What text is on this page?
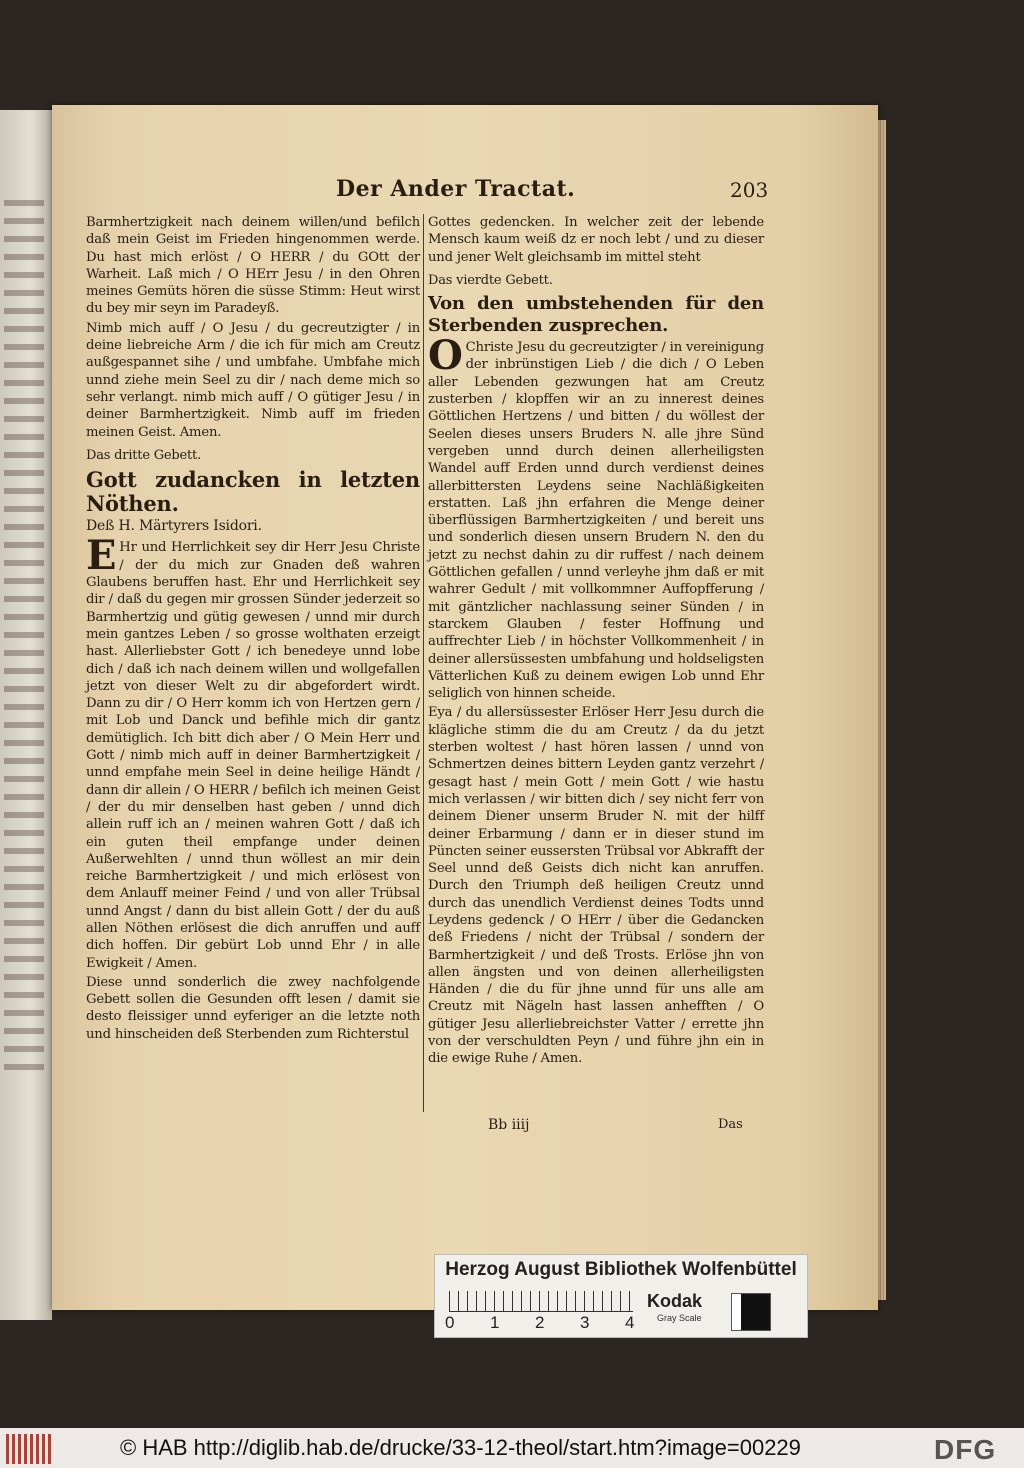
Der Ander Tractat.	203

Barmhertzigkeit nach deinem willen/und befilch daß mein Geist im Frieden hingenommen werde. Du hast mich erlöst / O HERR / du GOtt der Warheit. Laß mich / O HErr Jesu / in den Ohren meines Gemüts hören die süsse Stimm: Heut wirst du bey mir seyn im Paradeyß.

Nimb mich auff / O Jesu / du gecreutzigter / in deine liebreiche Arm / die ich für mich am Creutz außgespannet sihe / und umbfahe. Umbfahe mich unnd ziehe mein Seel zu dir / nach deme mich so sehr verlangt. nimb mich auff / O gütiger Jesu / in deiner Barmhertzigkeit. Nimb auff im frieden meinen Geist. Amen.

Das dritte Gebett.

Gott zudancken in letzten Nöthen.

Deß H. Märtyrers Isidori.

E Hr und Herrlichkeit sey dir Herr Jesu Christe / der du mich zur Gnaden deß wahren Glaubens beruffen hast. Ehr und Herrlichkeit sey dir / daß du gegen mir grossen Sünder jederzeit so Barmhertzig und gütig gewesen / unnd mir durch mein gantzes Leben / so grosse wolthaten erzeigt hast. Allerliebster Gott / ich benedeye unnd lobe dich / daß ich nach deinem willen und wollgefallen jetzt von dieser Welt zu dir abgefordert wirdt. Dann zu dir / O Herr komm ich von Hertzen gern / mit Lob und Danck und befihle mich dir gantz demütiglich. Ich bitt dich aber / O Mein Herr und Gott / nimb mich auff in deiner Barmhertzigkeit / unnd empfahe mein Seel in deine heilige Händt / dann dir allein / O HERR / befilch ich meinen Geist / der du mir denselben hast geben / unnd dich allein ruff ich an / meinen wahren Gott / daß ich ein guten theil empfange under deinen Außerwehlten / unnd thun wöllest an mir dein reiche Barmhertzigkeit / und mich erlösest von dem Anlauff meiner Feind / und von aller Trübsal unnd Angst / dann du bist allein Gott / der du auß allen Nöthen erlösest die dich anruffen und auff dich hoffen. Dir gebürt Lob unnd Ehr / in alle Ewigkeit / Amen.

Diese unnd sonderlich die zwey nachfolgende Gebett sollen die Gesunden offt lesen / damit sie desto fleissiger unnd eyferiger an die letzte noth und hinscheiden deß Sterbenden zum Richterstul

Gottes gedencken. In welcher zeit der lebende Mensch kaum weiß dz er noch lebt / und zu dieser und jener Welt gleichsamb im mittel steht

Das vierdte Gebett.

Von den umbstehenden für den Sterbenden zusprechen.

O Christe Jesu du gecreutzigter / in vereinigung der inbrünstigen Lieb / die dich / O Leben aller Lebenden gezwungen hat am Creutz zusterben / klopffen wir an zu innerest deines Göttlichen Hertzens / und bitten / du wöllest der Seelen dieses unsers Bruders N. alle jhre Sünd vergeben unnd durch deinen allerheiligsten Wandel auff Erden unnd durch verdienst deines allerbittersten Leydens seine Nachläßigkeiten erstatten. Laß jhn erfahren die Menge deiner überflüssigen Barmhertzigkeiten / und bereit uns und sonderlich diesen unsern Brudern N. den du jetzt zu nechst dahin zu dir ruffest / nach deinem Göttlichen gefallen / unnd verleyhe jhm daß er mit wahrer Gedult / mit vollkommner Auffopfferung / mit gäntzlicher nachlassung seiner Sünden / in starckem Glauben / fester Hoffnung und auffrechter Lieb / in höchster Vollkommenheit / in deiner allersüssesten umbfahung und holdseligsten Vätterlichen Kuß zu deinem ewigen Lob unnd Ehr seliglich von hinnen scheide.

Eya / du allersüssester Erlöser Herr Jesu durch die klägliche stimm die du am Creutz / da du jetzt sterben woltest / hast hören lassen / unnd von Schmertzen deines bittern Leyden gantz verzehrt / gesagt hast / mein Gott / mein Gott / wie hastu mich verlassen / wir bitten dich / sey nicht ferr von deinem Diener unserm Bruder N. mit der hilff deiner Erbarmung / dann er in dieser stund im Püncten seiner eussersten Trübsal vor Abkrafft der Seel unnd deß Geists dich nicht kan anruffen. Durch den Triumph deß heiligen Creutz unnd durch das unendlich Verdienst deines Todts unnd Leydens gedenck / O HErr / über die Gedancken deß Friedens / nicht der Trübsal / sondern der Barmhertzigkeit / und deß Trosts. Erlöse jhn von allen ängsten und von deinen allerheiligsten Händen / die du für jhne unnd für uns alle am Creutz mit Nägeln hast lassen anhefften / O gütiger Jesu allerliebreichster Vatter / errette jhn von der verschuldten Peyn / und führe jhn ein in die ewige Ruhe / Amen.

Bb iiij	Das
Herzog August Bibliothek Wolfenbüttel
0 1 2 3 4
Kodak
Gray Scale
© HAB http://diglib.hab.de/drucke/33-12-theol/start.htm?image=00229	DFG
